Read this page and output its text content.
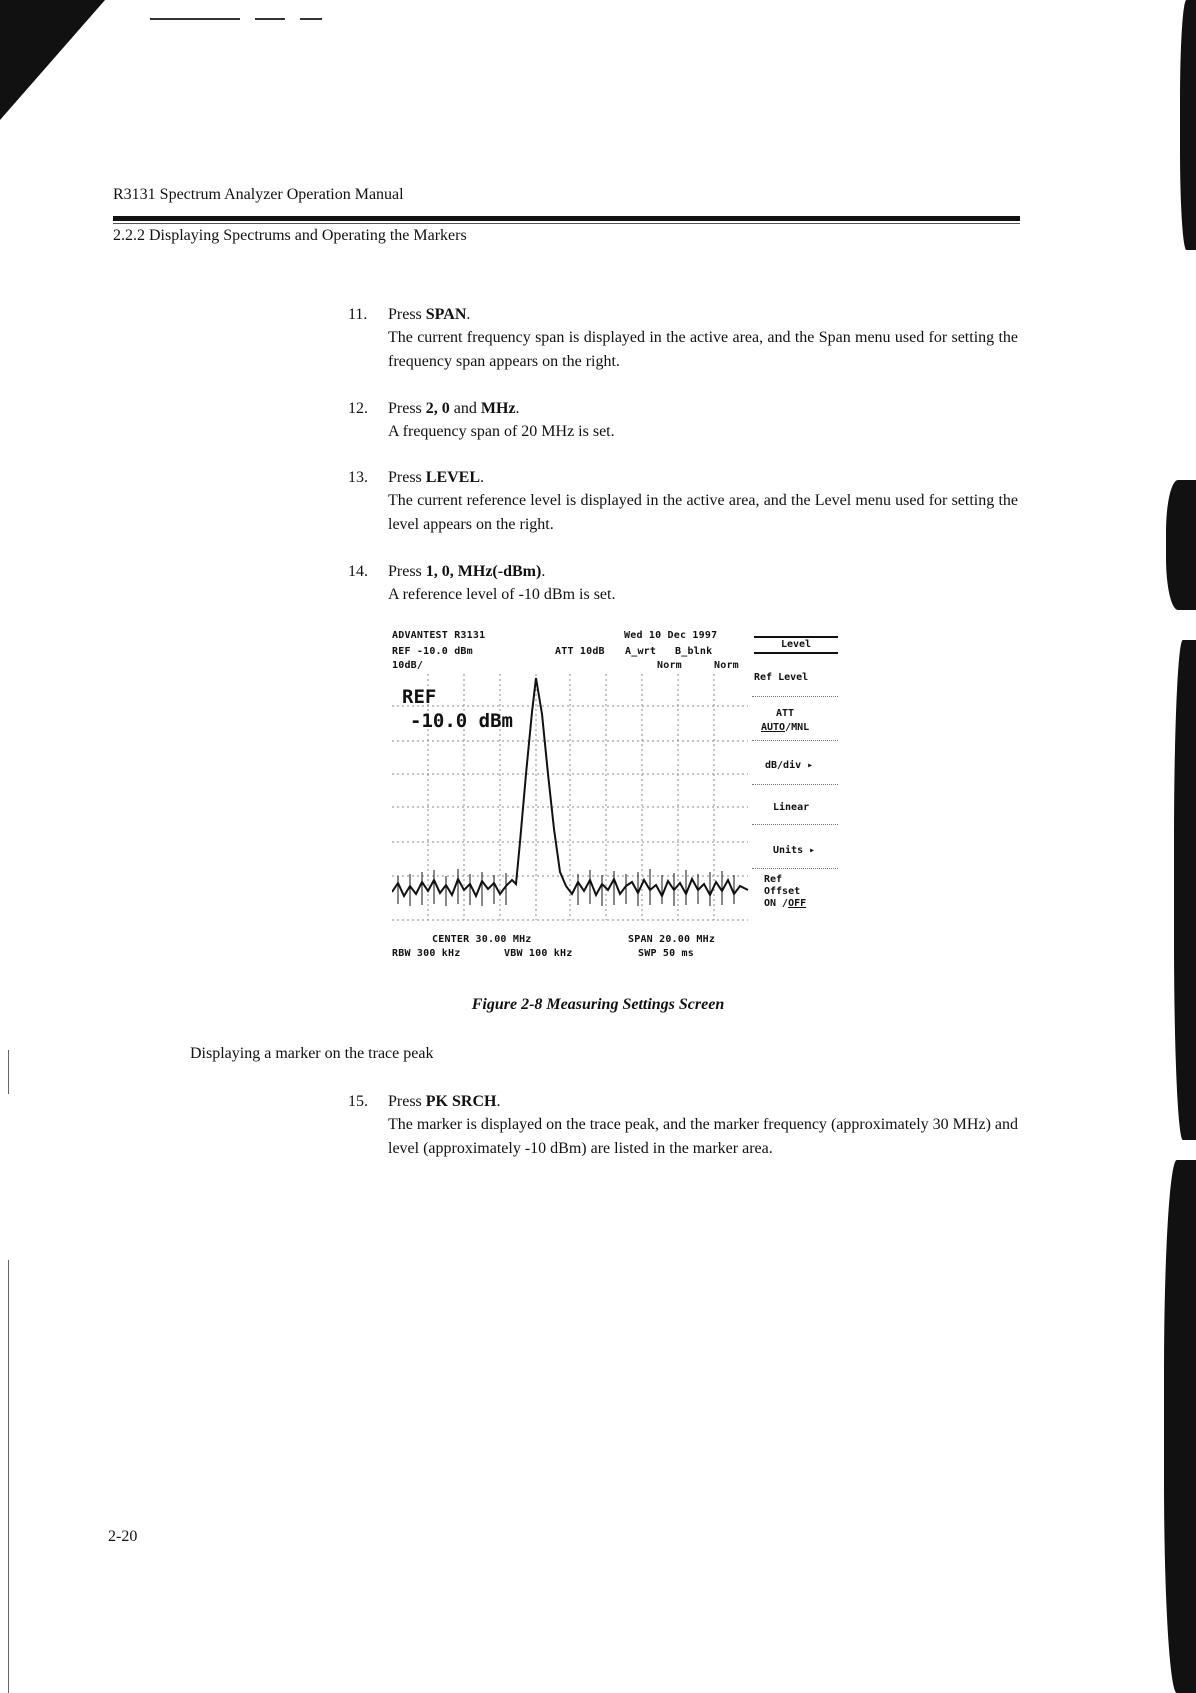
R3131 Spectrum Analyzer Operation Manual
2.2.2 Displaying Spectrums and Operating the Markers
11.	Press SPAN.
The current frequency span is displayed in the active area, and the Span menu used for setting the frequency span appears on the right.
12.	Press 2, 0 and MHz.
A frequency span of 20 MHz is set.
13.	Press LEVEL.
The current reference level is displayed in the active area, and the Level menu used for setting the level appears on the right.
14.	Press 1, 0, MHz(-dBm).
A reference level of -10 dBm is set.
ADVANTEST R3131	Wed 10 Dec 1997
REF -10.0 dBm
10dB/
ATT 10dB A_wrt B_blnk
Norm	Norm
REF
-10.0 dBm
CENTER 30.00 MHz	SPAN 20.00 MHz
RBW 300 kHz	VBW 100 kHz	SWP 50 ms
Level
Ref Level
ATT
AUTO/MNL
dB/div ▸
Linear
Units ▸
Ref
Offset
ON /OFF
Figure 2-8 Measuring Settings Screen
Displaying a marker on the trace peak
15.	Press PK SRCH.
The marker is displayed on the trace peak, and the marker frequency (approximately 30 MHz) and level (approximately -10 dBm) are listed in the marker area.
2-20
